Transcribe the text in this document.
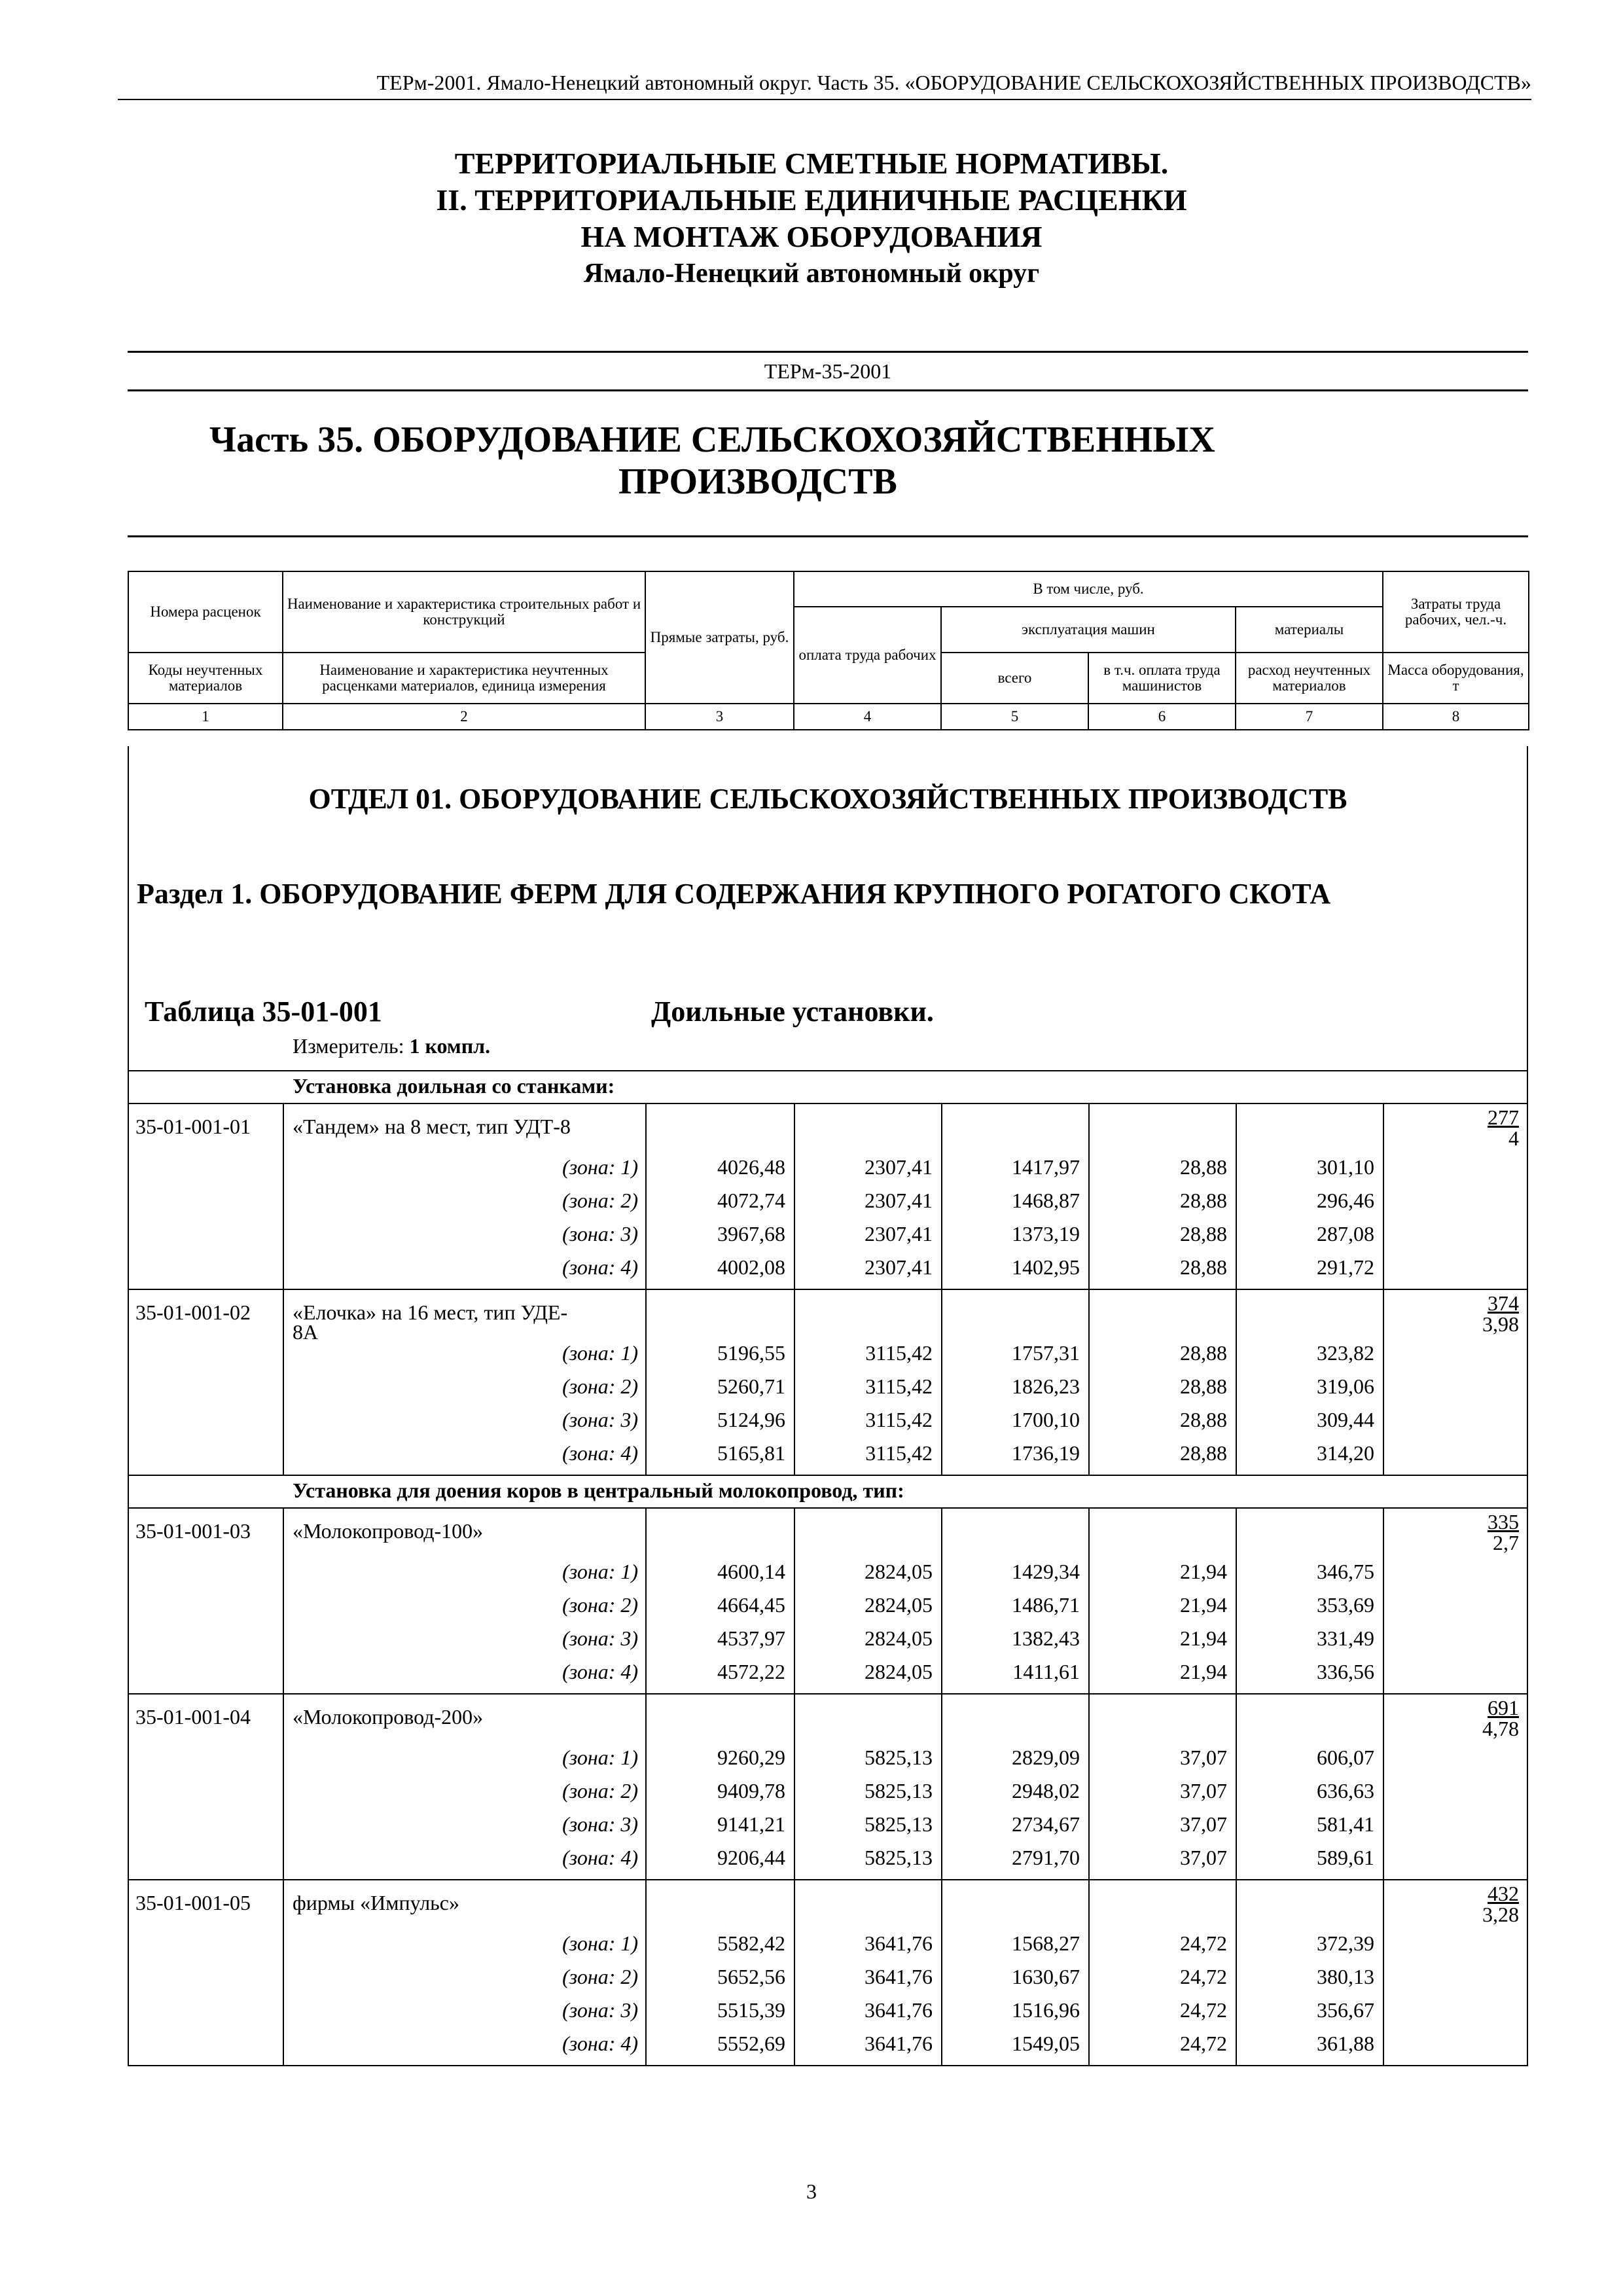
ТЕРм-2001. Ямало-Ненецкий автономный округ. Часть 35. «ОБОРУДОВАНИЕ СЕЛЬСКОХОЗЯЙСТВЕННЫХ ПРОИЗВОДСТВ»
ТЕРРИТОРИАЛЬНЫЕ СМЕТНЫЕ НОРМАТИВЫ.
II. ТЕРРИТОРИАЛЬНЫЕ ЕДИНИЧНЫЕ РАСЦЕНКИ
НА МОНТАЖ ОБОРУДОВАНИЯ
Ямало-Ненецкий автономный округ
ТЕРм-35-2001
Часть 35. ОБОРУДОВАНИЕ СЕЛЬСКОХОЗЯЙСТВЕННЫХ
ПРОИЗВОДСТВ
Номера расценок	Наименование и характеристика строительных работ и конструкций	Прямые затраты, руб.	В том числе, руб.				Затраты труда рабочих, чел.-ч.
			оплата труда рабочих	эксплуатация машин		материалы	
Коды неучтенных материалов	Наименование и характеристика неучтенных расценками материалов, единица измерения			всего	в т.ч. оплата труда машинистов	расход неучтенных материалов	Масса оборудования, т
1	2	3	4	5	6	7	8
ОТДЕЛ 01. ОБОРУДОВАНИЕ СЕЛЬСКОХОЗЯЙСТВЕННЫХ ПРОИЗВОДСТВ
Раздел 1. ОБОРУДОВАНИЕ ФЕРМ ДЛЯ СОДЕРЖАНИЯ КРУПНОГО РОГАТОГО СКОТА
Таблица 35-01-001	Доильные установки.
Измеритель: 1 компл.
Установка доильная со станками:
35-01-001-01 «Тандем» на 8 мест, тип УДТ-8	277
4
(зона: 1)	4026,48	2307,41	1417,97	28,88	301,10
(зона: 2)	4072,74	2307,41	1468,87	28,88	296,46
(зона: 3)	3967,68	2307,41	1373,19	28,88	287,08
(зона: 4)	4002,08	2307,41	1402,95	28,88	291,72
35-01-001-02 «Елочка» на 16 мест, тип УДЕ-
8А
374
3,98
(зона: 1)	5196,55	3115,42	1757,31	28,88	323,82
(зона: 2)	5260,71	3115,42	1826,23	28,88	319,06
(зона: 3)	5124,96	3115,42	1700,10	28,88	309,44
(зона: 4)	5165,81	3115,42	1736,19	28,88	314,20
Установка для доения коров в центральный молокопровод, тип:
35-01-001-03 «Молокопровод-100»	335
2,7
(зона: 1)	4600,14	2824,05	1429,34	21,94	346,75
(зона: 2)	4664,45	2824,05	1486,71	21,94	353,69
(зона: 3)	4537,97	2824,05	1382,43	21,94	331,49
(зона: 4)	4572,22	2824,05	1411,61	21,94	336,56
35-01-001-04 «Молокопровод-200»	691
4,78
(зона: 1)	9260,29	5825,13	2829,09	37,07	606,07
(зона: 2)	9409,78	5825,13	2948,02	37,07	636,63
(зона: 3)	9141,21	5825,13	2734,67	37,07	581,41
(зона: 4)	9206,44	5825,13	2791,70	37,07	589,61
35-01-001-05 фирмы «Импульс»	432
3,28
(зона: 1)	5582,42	3641,76	1568,27	24,72	372,39
(зона: 2)	5652,56	3641,76	1630,67	24,72	380,13
(зона: 3)	5515,39	3641,76	1516,96	24,72	356,67
(зона: 4)	5552,69	3641,76	1549,05	24,72	361,88
3
